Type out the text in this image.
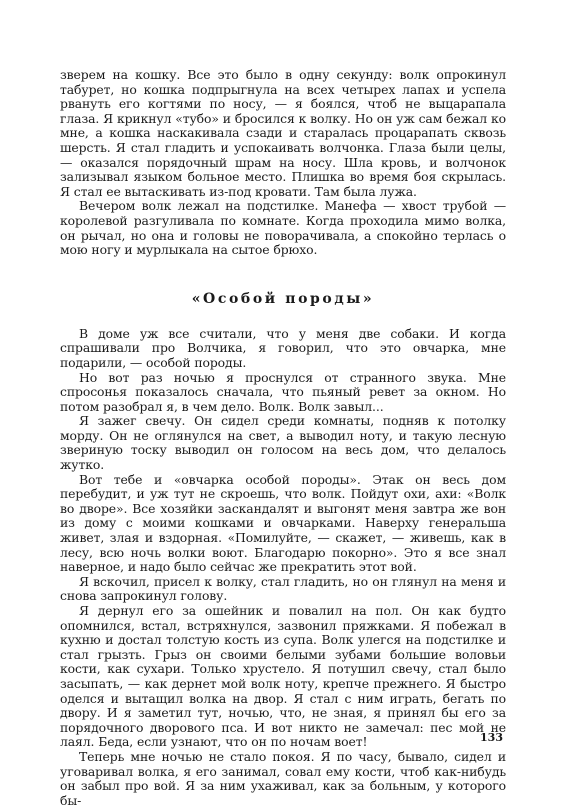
зверем на кошку. Все это было в одну секунду: волк опрокинул табурет, но кошка подпрыгнула на всех четырех лапах и успела рвануть его когтями по носу, — я боялся, чтоб не выцарапала глаза. Я крикнул «тубо» и бросился к волку. Но он уж сам бежал ко мне, а кошка наскакивала сзади и старалась процарапать сквозь шерсть. Я стал гладить и успокаивать волчонка. Глаза были целы, — оказался порядочный шрам на носу. Шла кровь, и волчонок зализывал языком больное место. Плишка во время боя скрылась. Я стал ее вытаскивать из-под кровати. Там была лужа.

Вечером волк лежал на подстилке. Манефа — хвост трубой — королевой разгуливала по комнате. Когда проходила мимо волка, он рычал, но она и головы не поворачивала, а спокойно терлась о мою ногу и мурлыкала на сытое брюхо.

«Особой породы»

В доме уж все считали, что у меня две собаки. И когда спрашивали про Волчика, я говорил, что это овчарка, мне подарили, — особой породы.

Но вот раз ночью я проснулся от странного звука. Мне спросонья показалось сначала, что пьяный ревет за окном. Но потом разобрал я, в чем дело. Волк. Волк завыл...

Я зажег свечу. Он сидел среди комнаты, подняв к потолку морду. Он не оглянулся на свет, а выводил ноту, и такую лесную звериную тоску выводил он голосом на весь дом, что делалось жутко.

Вот тебе и «овчарка особой породы». Этак он весь дом перебудит, и уж тут не скроешь, что волк. Пойдут охи, ахи: «Волк во дворе». Все хозяйки заскандалят и выгонят меня завтра же вон из дому с моими кошками и овчарками. Наверху генеральша живет, злая и вздорная. «Помилуйте, — скажет, — живешь, как в лесу, всю ночь волки воют. Благодарю покорно». Это я все знал наверное, и надо было сейчас же прекратить этот вой.

Я вскочил, присел к волку, стал гладить, но он глянул на меня и снова запрокинул голову.

Я дернул его за ошейник и повалил на пол. Он как будто опомнился, встал, встряхнулся, зазвонил пряжками. Я побежал в кухню и достал толстую кость из супа. Волк улегся на подстилке и стал грызть. Грыз он своими белыми зубами большие воловьи кости, как сухари. Только хрустело. Я потушил свечу, стал было засыпать, — как дернет мой волк ноту, крепче прежнего. Я быстро оделся и вытащил волка на двор. Я стал с ним играть, бегать по двору. И я заметил тут, ночью, что, не зная, я принял бы его за порядочного дворового пса. И вот никто не замечал: пес мой не лаял. Беда, если узнают, что он по ночам воет!

Теперь мне ночью не стало покоя. Я по часу, бывало, сидел и уговаривал волка, я его занимал, совал ему кости, чтоб как-нибудь он забыл про вой. Я за ним ухаживал, как за больным, у которого бы-

133
